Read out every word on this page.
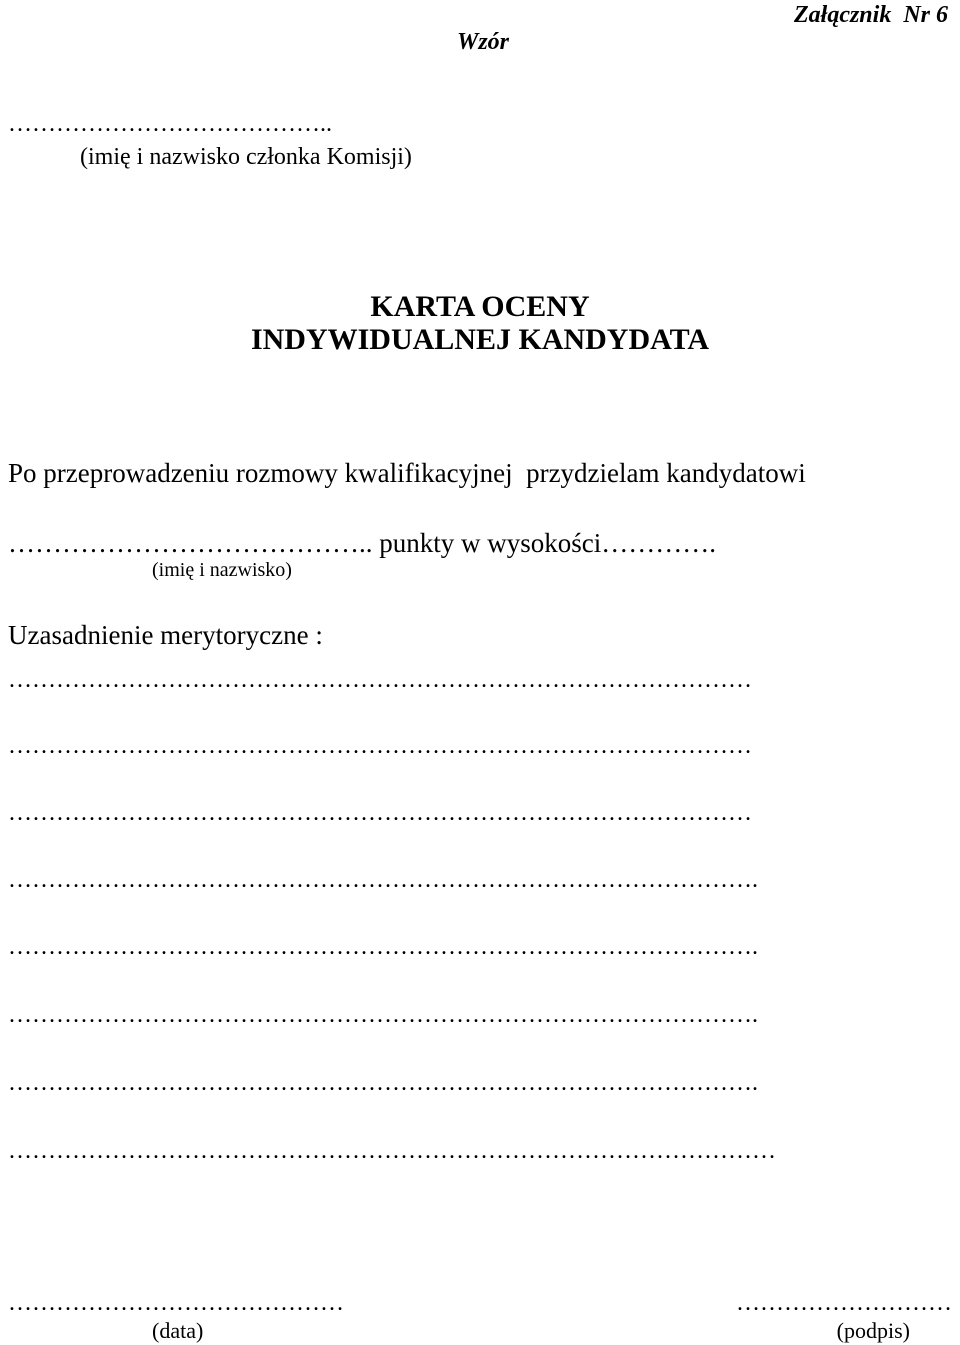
Załącznik  Nr 6
Wzór
…………………………………..
(imię i nazwisko członka Komisji)
KARTA OCENY
INDYWIDUALNEJ KANDYDATA
Po przeprowadzeniu rozmowy kwalifikacyjnej  przydzielam kandydatowi
………………………………….. punkty w wysokości………….
(imię i nazwisko)
Uzasadnienie merytoryczne :
…………………………………………………………………………………
…………………………………………………………………………………
…………………………………………………………………………………
………………………………………………………………………………….
………………………………………………………………………………….
………………………………………………………………………………….
………………………………………………………………………………….
……………………………………………………………………………………
……………………………………	………………………
(data)	(podpis)
